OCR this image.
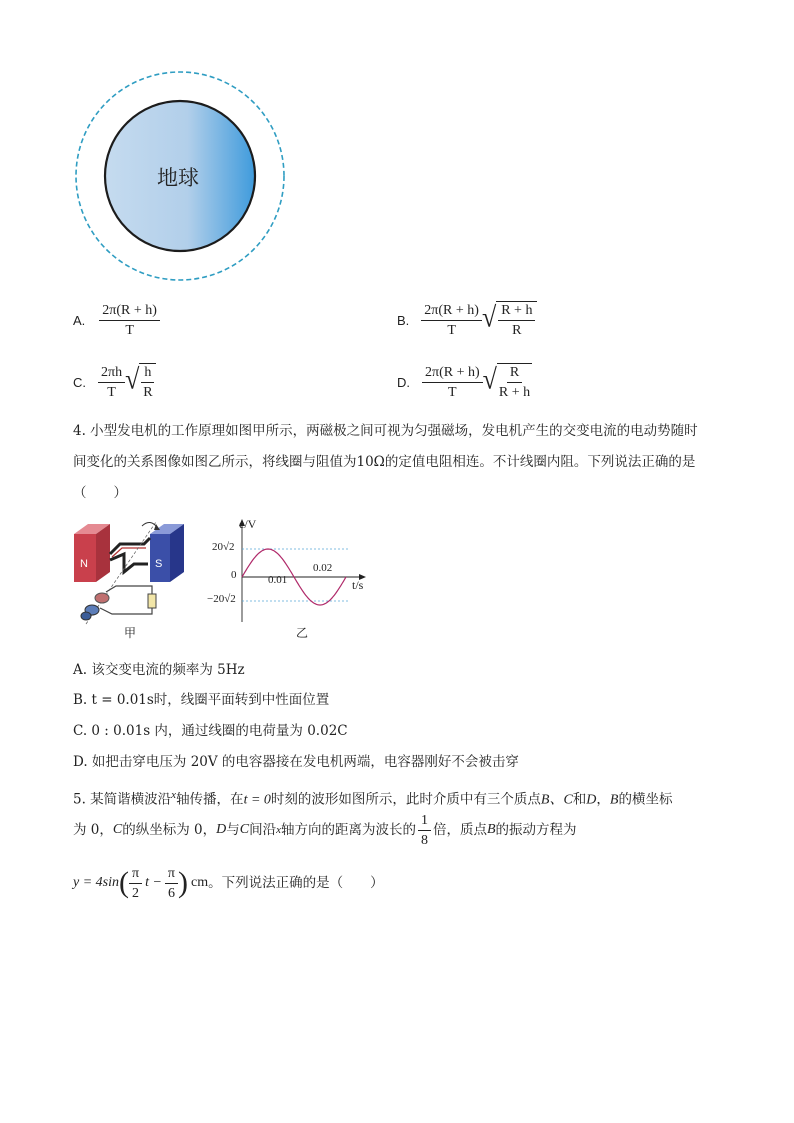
地球
A. $\frac{2\pi(R + h)}{T}$	B. $\frac{2\pi(R + h)}{T}$ √ $\frac{R + h}{R}$
C. $\frac{2\pi h}{T}$ √ $\frac{h}{R}$	D. $\frac{2\pi(R + h)}{T}$ √ $\frac{R}{R + h}$
4. 小型发电机的工作原理如图甲所示，两磁极之间可视为匀强磁场，发电机产生的交变电流的电动势随时
间变化的关系图像如图乙所示，将线圈与阻值为10Ω的定值电阻相连。不计线圈内阻。下列说法正确的是
（　　）
N	S
甲
e/V
t/s
20√2
0
−20√2
0.01
0.02
乙
A. 该交变电流的频率为 5Hz
B. t = 0.01s时，线圈平面转到中性面位置
C. 0 : 0.01s 内，通过线圈的电荷量为 0.02C
D. 如把击穿电压为 20V 的电容器接在发电机两端，电容器刚好不会被击穿
5. 某简谐横波沿$^x$轴传播，在t = 0时刻的波形如图所示，此时介质中有三个质点B、C和D，B的横坐标
为 0， C 的纵坐标为 0， D 与 C 间沿 x 轴方向的距离为波长的 $\frac{1}{8}$ 倍，质点 B 的振动方程为
y = 4sin ( $\frac{\pi}{2}$ $t - \frac{\pi}{6}$ ) cm 。下列说法正确的是（　　）
